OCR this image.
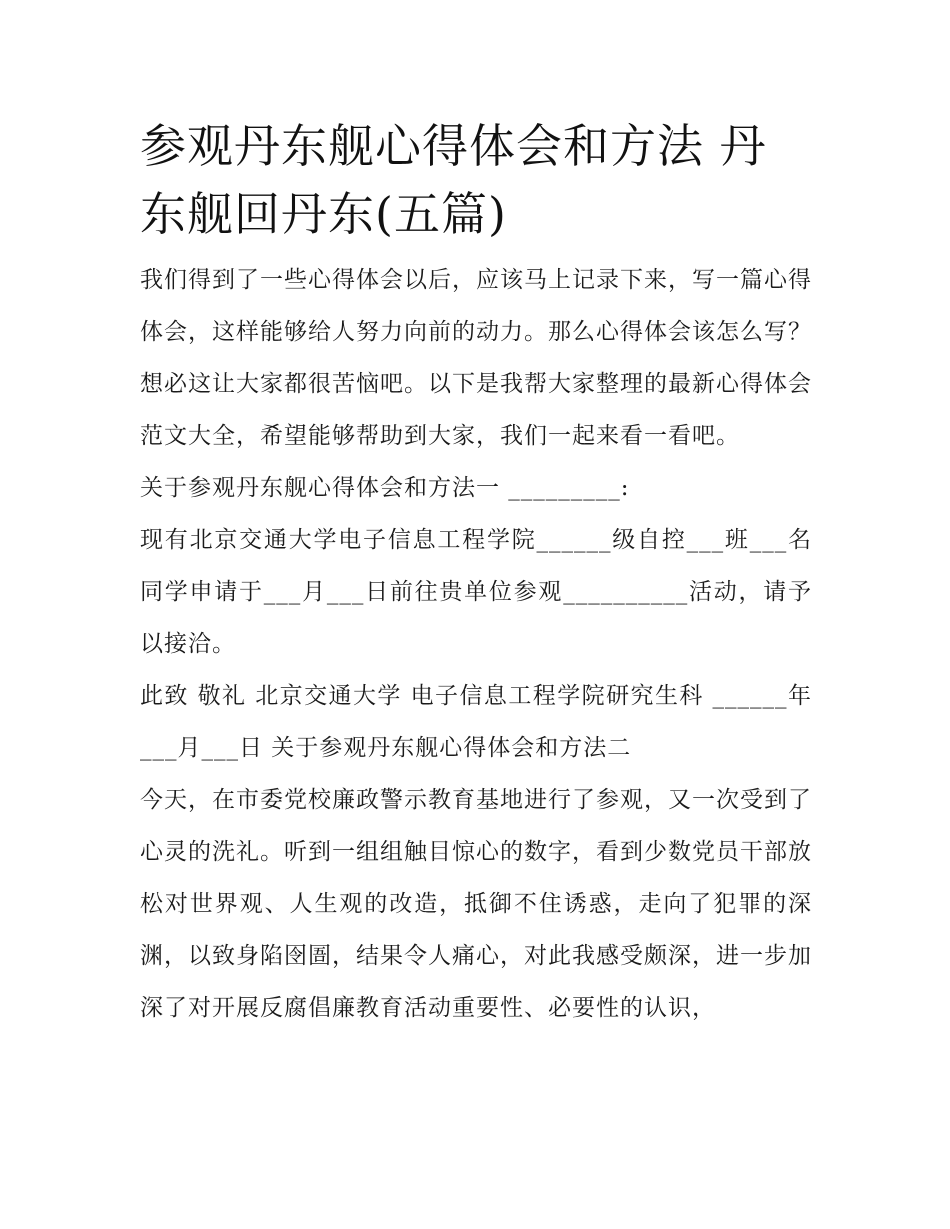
参观丹东舰心得体会和方法 丹东舰回丹东(五篇)

我们得到了一些心得体会以后，应该马上记录下来，写一篇心得体会，这样能够给人努力向前的动力。那么心得体会该怎么写？想必这让大家都很苦恼吧。以下是我帮大家整理的最新心得体会范文大全，希望能够帮助到大家，我们一起来看一看吧。

关于参观丹东舰心得体会和方法一 _________:

现有北京交通大学电子信息工程学院______级自控___班___名同学申请于___月___日前往贵单位参观__________活动，请予以接洽。

此致 敬礼 北京交通大学 电子信息工程学院研究生科 ______年___月___日 关于参观丹东舰心得体会和方法二

今天，在市委党校廉政警示教育基地进行了参观，又一次受到了心灵的洗礼。听到一组组触目惊心的数字，看到少数党员干部放松对世界观、人生观的改造，抵御不住诱惑，走向了犯罪的深渊，以致身陷囹圄，结果令人痛心，对此我感受颇深，进一步加深了对开展反腐倡廉教育活动重要性、必要性的认识，
